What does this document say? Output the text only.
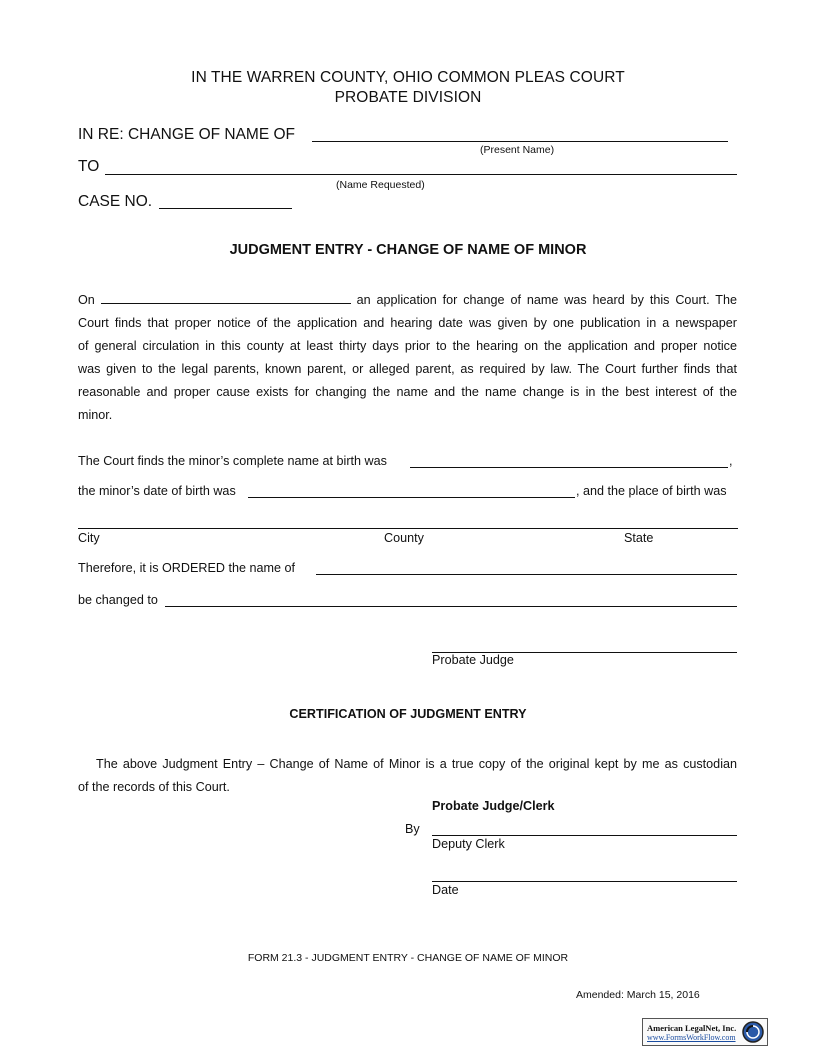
IN THE WARREN COUNTY, OHIO COMMON PLEAS COURT
PROBATE DIVISION
IN RE: CHANGE OF NAME OF
(Present Name)
TO
(Name Requested)
CASE NO.
JUDGMENT ENTRY - CHANGE OF NAME OF MINOR
On	an application for change of name was heard by this Court. The
Court finds that proper notice of the application and hearing date was given by one publication in a newspaper
of general circulation in this county at least thirty days prior to the hearing on the application and proper notice
was given to the legal parents, known parent, or alleged parent, as required by law. The Court further finds that
reasonable and proper cause exists for changing the name and the name change is in the best interest of the
minor.
The Court finds the minor’s complete name at birth was	,
the minor’s date of birth was	, and the place of birth was
City	County	State
Therefore, it is ORDERED the name of
be changed to
Probate Judge
CERTIFICATION OF JUDGMENT ENTRY
The above Judgment Entry – Change of Name of Minor is a true copy of the original kept by me as custodian
of the records of this Court.
Probate Judge/Clerk
By
Deputy Clerk
Date
FORM 21.3 - JUDGMENT ENTRY - CHANGE OF NAME OF MINOR
Amended: March 15, 2016
American LegalNet, Inc.
www.FormsWorkFlow.com
